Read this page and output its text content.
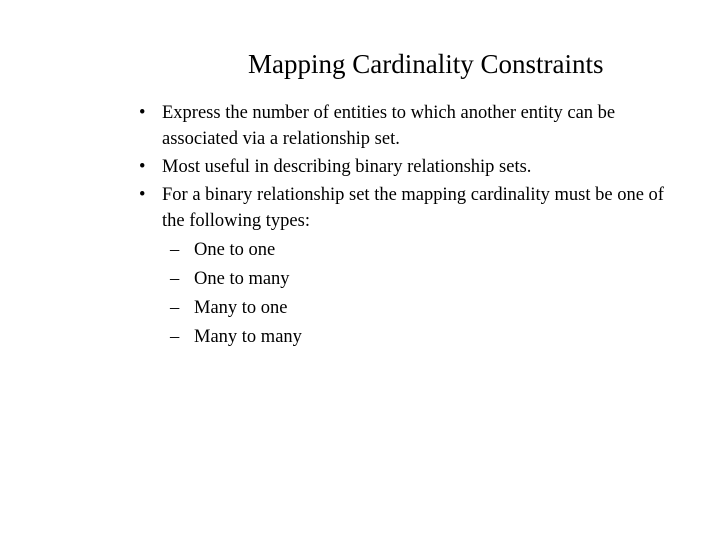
Mapping Cardinality Constraints
• Express the number of entities to which another entity can be
associated via a relationship set.
• Most useful in describing binary relationship sets.
• For a binary relationship set the mapping cardinality must be one of
the following types:
– One to one
– One to many
– Many to one
– Many to many
